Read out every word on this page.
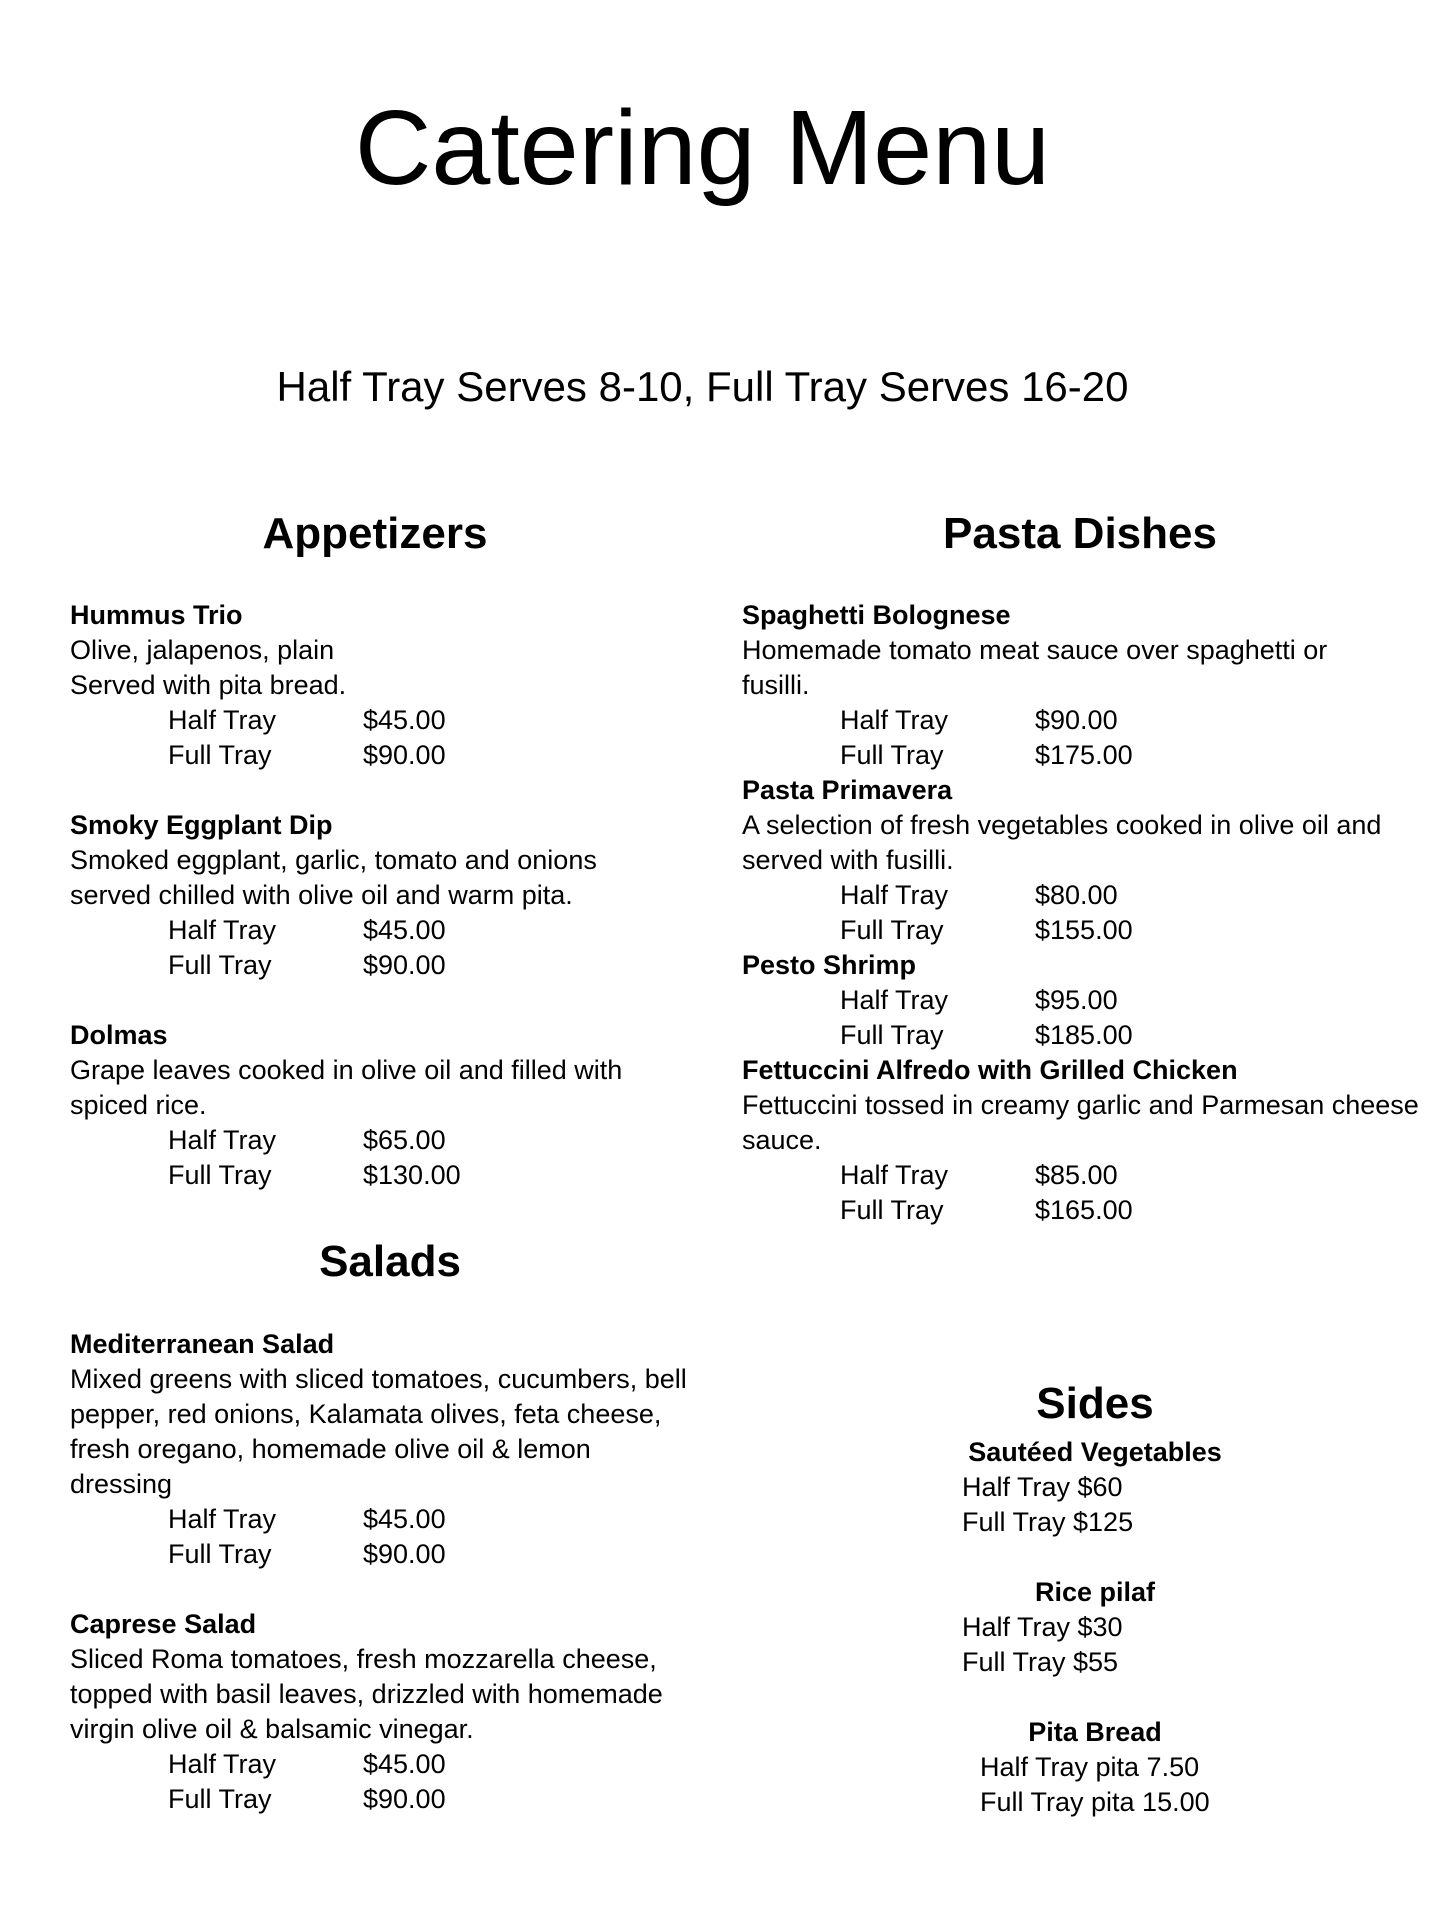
Catering Menu
Half Tray Serves 8-10, Full Tray Serves 16-20
Appetizers
Hummus Trio
Olive, jalapenos, plain
Served with pita bread.
Half Tray	$45.00
Full Tray	$90.00
Smoky Eggplant Dip
Smoked eggplant, garlic, tomato and onions
served chilled with olive oil and warm pita.
Half Tray	$45.00
Full Tray	$90.00
Dolmas
Grape leaves cooked in olive oil and filled with
spiced rice.
Half Tray	$65.00
Full Tray	$130.00
Salads
Mediterranean Salad
Mixed greens with sliced tomatoes, cucumbers, bell
pepper, red onions, Kalamata olives, feta cheese,
fresh oregano, homemade olive oil & lemon
dressing
Half Tray	$45.00
Full Tray	$90.00
Caprese Salad
Sliced Roma tomatoes, fresh mozzarella cheese,
topped with basil leaves, drizzled with homemade
virgin olive oil & balsamic vinegar.
Half Tray	$45.00
Full Tray	$90.00
Pasta Dishes
Spaghetti Bolognese
Homemade tomato meat sauce over spaghetti or
fusilli.
Half Tray	$90.00
Full Tray	$175.00
Pasta Primavera
A selection of fresh vegetables cooked in olive oil and
served with fusilli.
Half Tray	$80.00
Full Tray	$155.00
Pesto Shrimp
Half Tray	$95.00
Full Tray	$185.00
Fettuccini Alfredo with Grilled Chicken
Fettuccini tossed in creamy garlic and Parmesan cheese
sauce.
Half Tray	$85.00
Full Tray	$165.00
Sides
Sautéed Vegetables
Half Tray $60
Full Tray $125
Rice pilaf
Half Tray $30
Full Tray $55
Pita Bread
Half Tray pita 7.50
Full Tray pita 15.00
